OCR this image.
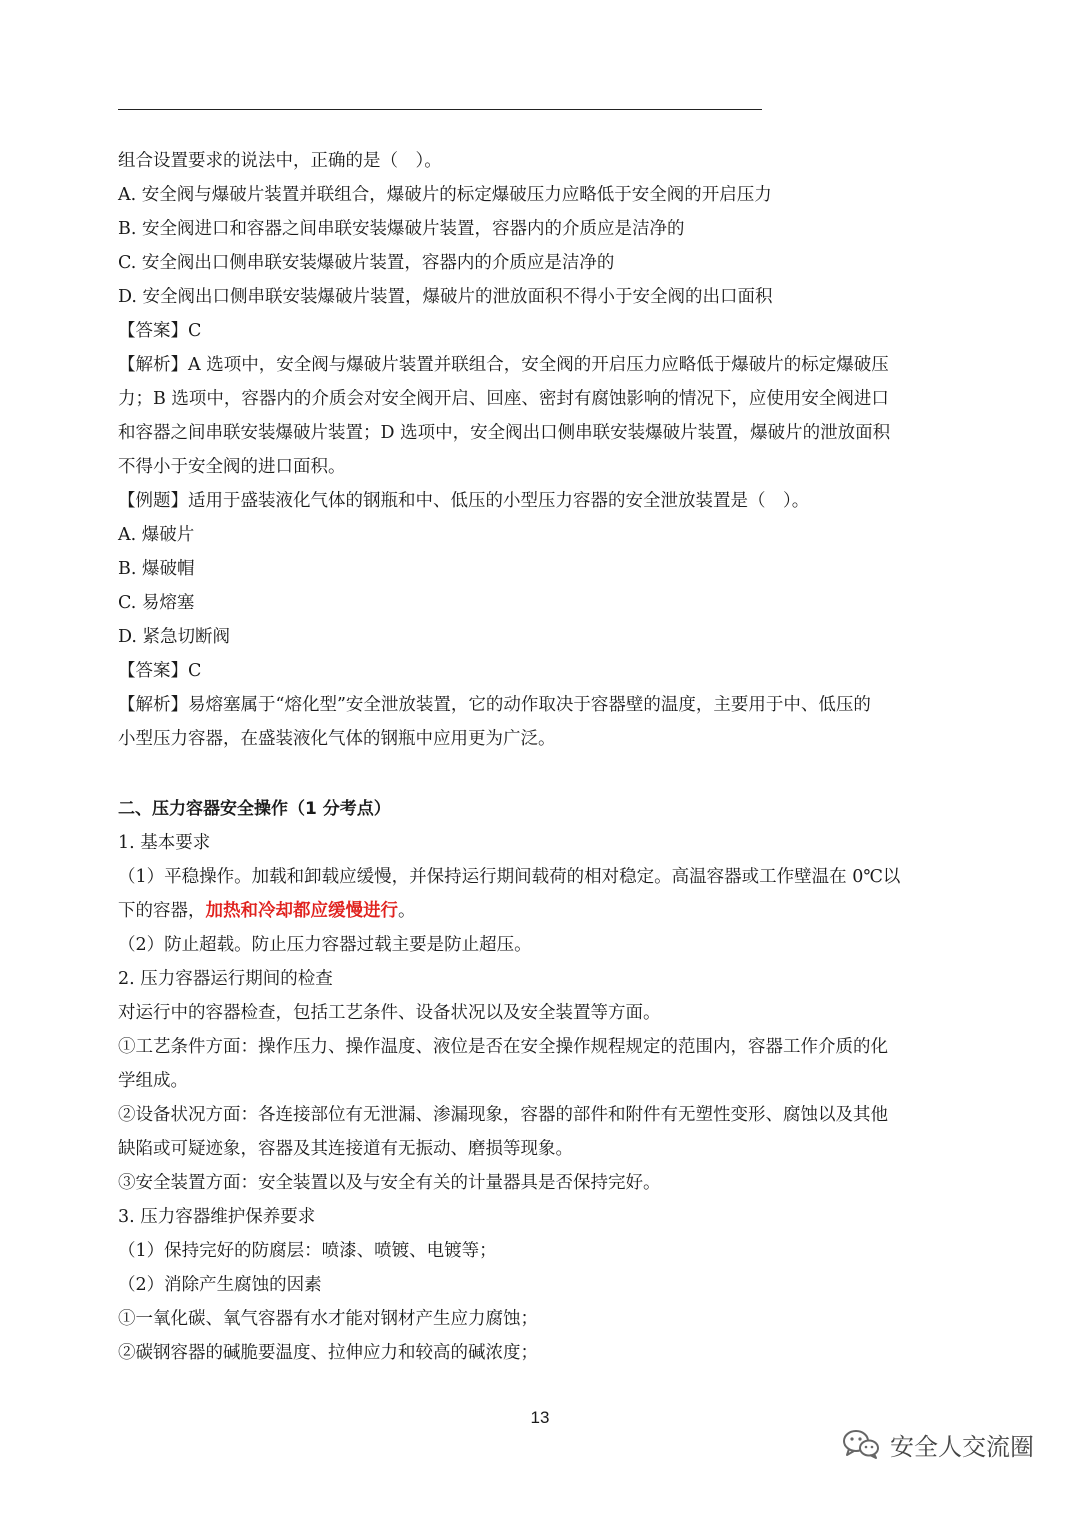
组合设置要求的说法中，正确的是（　）。
A. 安全阀与爆破片装置并联组合，爆破片的标定爆破压力应略低于安全阀的开启压力
B. 安全阀进口和容器之间串联安装爆破片装置，容器内的介质应是洁净的
C. 安全阀出口侧串联安装爆破片装置，容器内的介质应是洁净的
D. 安全阀出口侧串联安装爆破片装置，爆破片的泄放面积不得小于安全阀的出口面积
【答案】C
【解析】A 选项中，安全阀与爆破片装置并联组合，安全阀的开启压力应略低于爆破片的标定爆破压
力；B 选项中，容器内的介质会对安全阀开启、回座、密封有腐蚀影响的情况下，应使用安全阀进口
和容器之间串联安装爆破片装置；D 选项中，安全阀出口侧串联安装爆破片装置，爆破片的泄放面积
不得小于安全阀的进口面积。
【例题】适用于盛装液化气体的钢瓶和中、低压的小型压力容器的安全泄放装置是（　）。
A. 爆破片
B. 爆破帽
C. 易熔塞
D. 紧急切断阀
【答案】C
【解析】易熔塞属于“熔化型”安全泄放装置，它的动作取决于容器壁的温度，主要用于中、低压的
小型压力容器，在盛装液化气体的钢瓶中应用更为广泛。
二、压力容器安全操作（1 分考点）
1. 基本要求
（1）平稳操作。加载和卸载应缓慢，并保持运行期间载荷的相对稳定。高温容器或工作壁温在 0℃以
下的容器，加热和冷却都应缓慢进行。
（2）防止超载。防止压力容器过载主要是防止超压。
2. 压力容器运行期间的检查
对运行中的容器检查，包括工艺条件、设备状况以及安全装置等方面。
①工艺条件方面：操作压力、操作温度、液位是否在安全操作规程规定的范围内，容器工作介质的化
学组成。
②设备状况方面：各连接部位有无泄漏、渗漏现象，容器的部件和附件有无塑性变形、腐蚀以及其他
缺陷或可疑迹象，容器及其连接道有无振动、磨损等现象。
③安全装置方面：安全装置以及与安全有关的计量器具是否保持完好。
3. 压力容器维护保养要求
（1）保持完好的防腐层：喷漆、喷镀、电镀等；
（2）消除产生腐蚀的因素
①一氧化碳、氧气容器有水才能对钢材产生应力腐蚀；
②碳钢容器的碱脆要温度、拉伸应力和较高的碱浓度；
13
安全人交流圈
